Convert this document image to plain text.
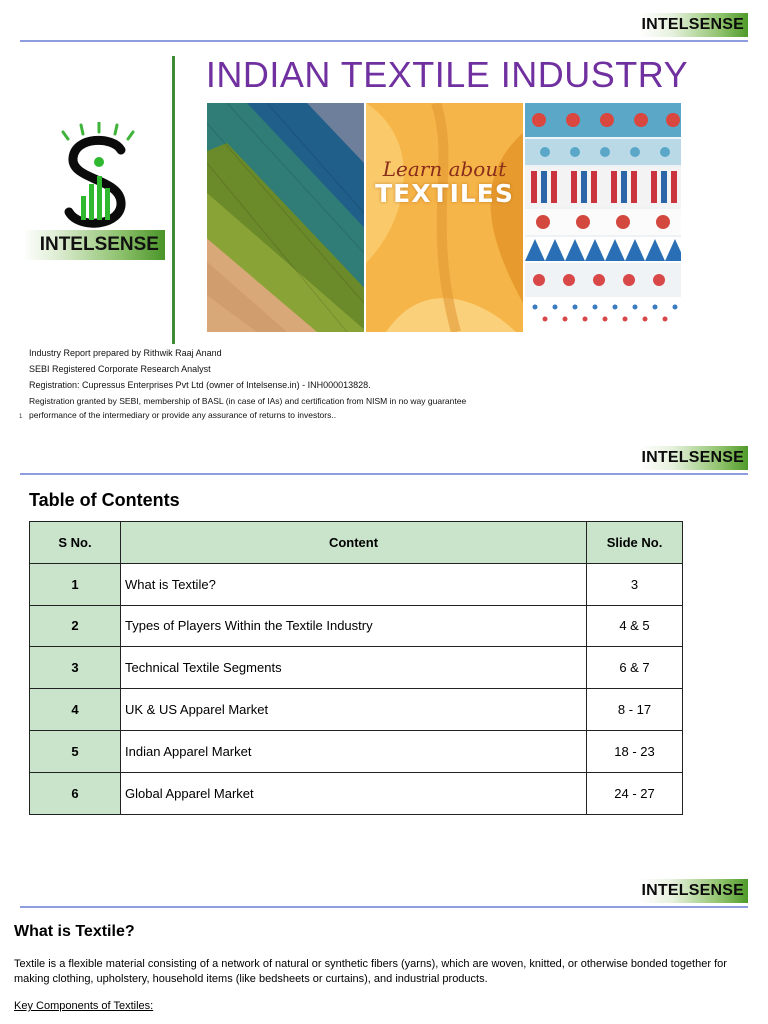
INTELSENSE
INTELSENSE
INDIAN TEXTILE INDUSTRY
Learn about
TEXTILES
Industry Report prepared by Rithwik Raaj Anand
SEBI Registered Corporate Research Analyst
Registration: Cupressus Enterprises Pvt Ltd (owner of Intelsense.in) - INH000013828.
Registration granted by SEBI, membership of BASL (in case of IAs) and certification from NISM in no way guarantee
performance of the intermediary or provide any assurance of returns to investors..
1
INTELSENSE
Table of Contents
S No.	Content	Slide No.
1	What is Textile?	3
2	Types of Players Within the Textile Industry	4 & 5
3	Technical Textile Segments	6 & 7
4	UK & US Apparel Market	8 - 17
5	Indian Apparel Market	18 - 23
6	Global Apparel Market	24 - 27
INTELSENSE
What is Textile?
Textile is a flexible material consisting of a network of natural or synthetic fibers (yarns), which are woven, knitted, or otherwise bonded together for making clothing, upholstery, household items (like bedsheets or curtains), and industrial products.
Key Components of Textiles:
